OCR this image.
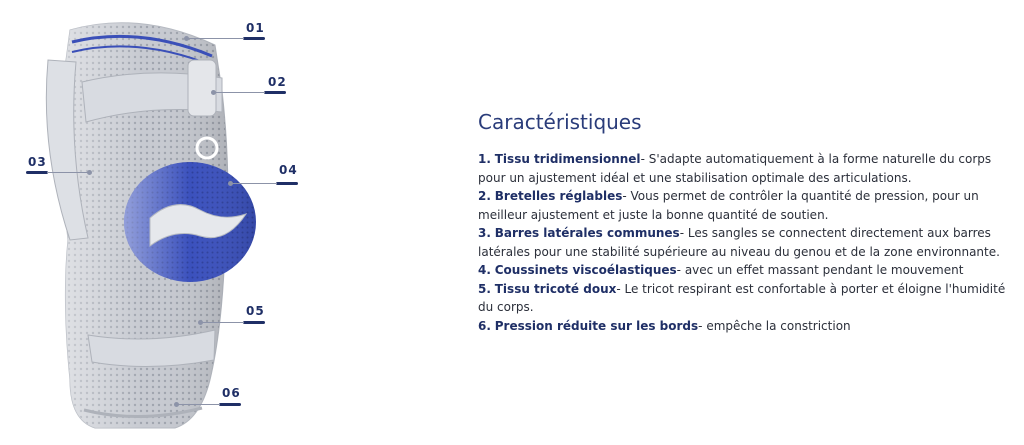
01
02
03
04
05
06
Caractéristiques

1. Tissu tridimensionnel- S'adapte automatiquement à la forme naturelle du corps pour un ajustement idéal et une stabilisation optimale des articulations.

2. Bretelles réglables- Vous permet de contrôler la quantité de pression, pour un meilleur ajustement et juste la bonne quantité de soutien.

3. Barres latérales communes- Les sangles se connectent directement aux barres latérales pour une stabilité supérieure au niveau du genou et de la zone environnante.

4. Coussinets viscoélastiques- avec un effet massant pendant le mouvement

5. Tissu tricoté doux- Le tricot respirant est confortable à porter et éloigne l'humidité du corps.

6. Pression réduite sur les bords- empêche la constriction
